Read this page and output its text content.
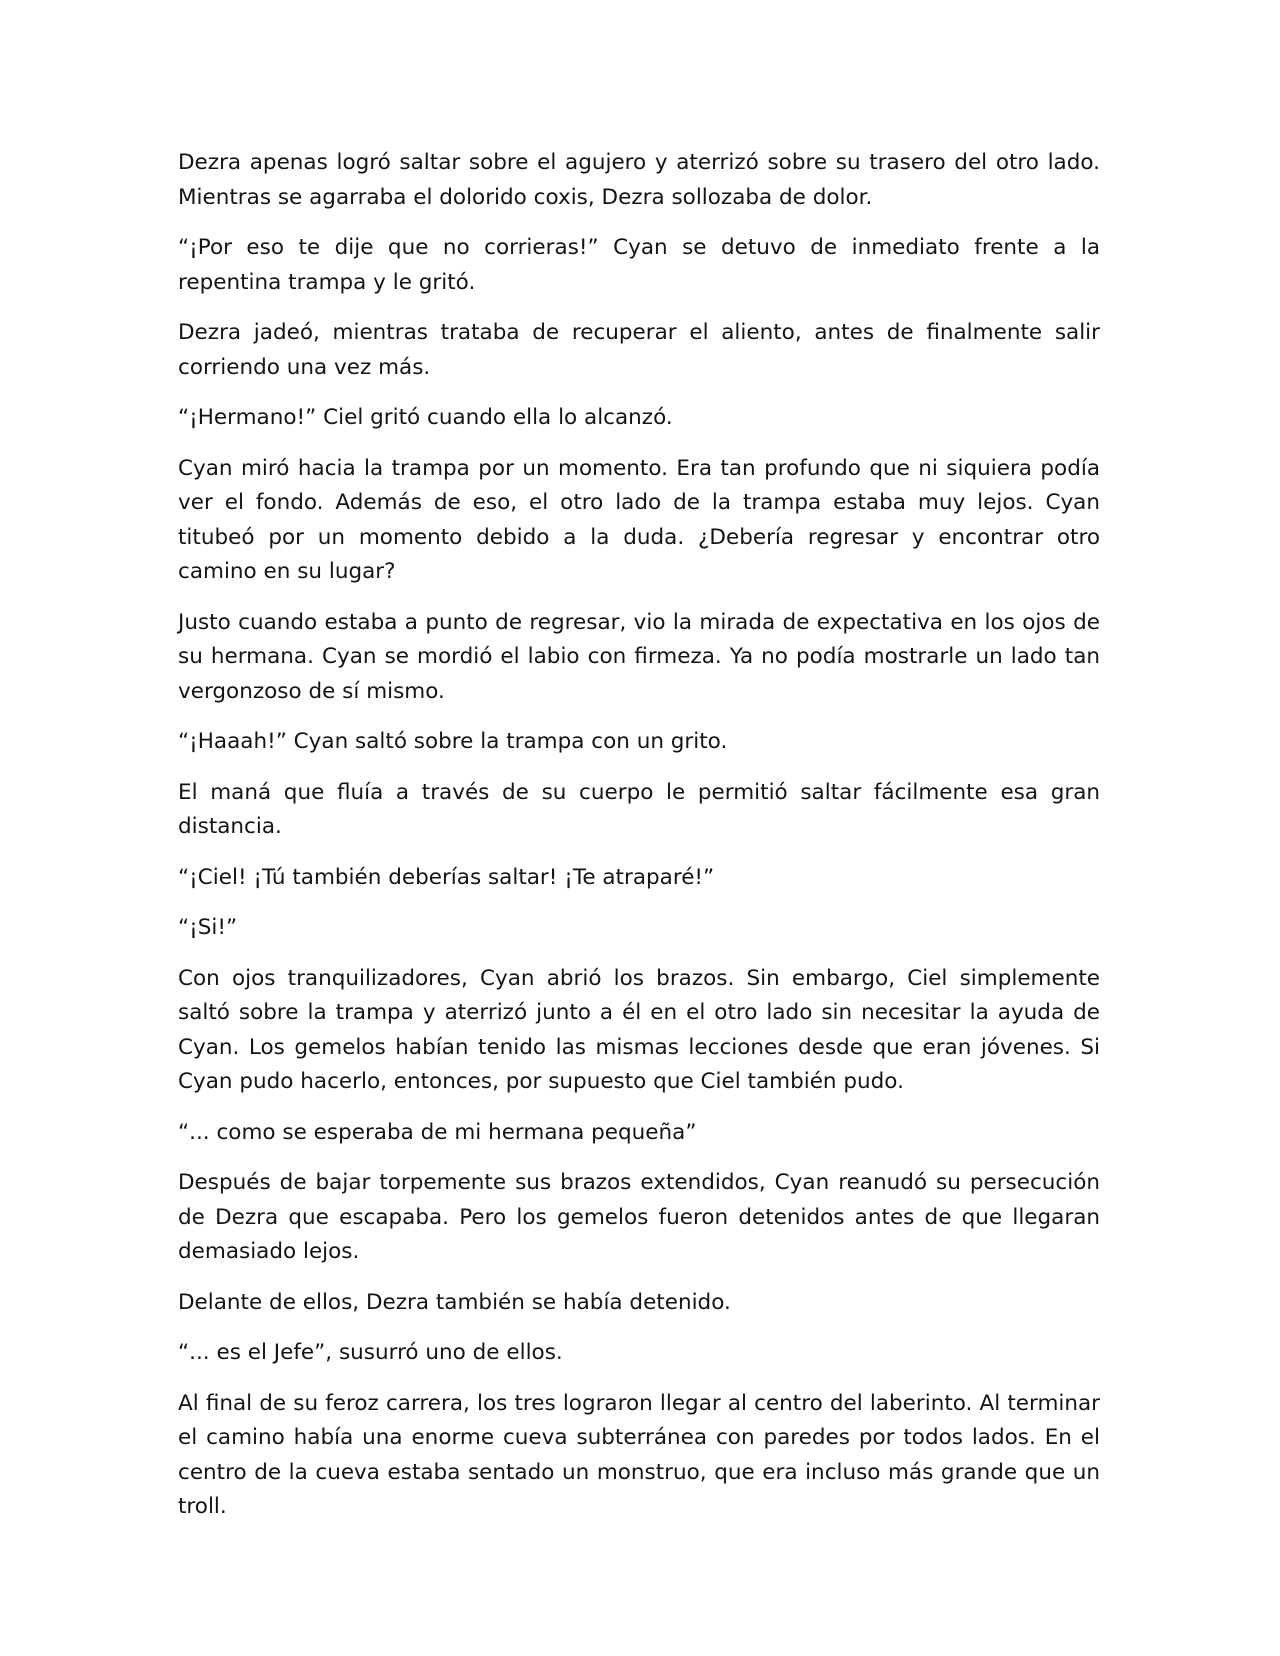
Dezra apenas logró saltar sobre el agujero y aterrizó sobre su trasero del otro lado. Mientras se agarraba el dolorido coxis, Dezra sollozaba de dolor.

“¡Por eso te dije que no corrieras!” Cyan se detuvo de inmediato frente a la repentina trampa y le gritó.

Dezra jadeó, mientras trataba de recuperar el aliento, antes de finalmente salir corriendo una vez más.

“¡Hermano!” Ciel gritó cuando ella lo alcanzó.

Cyan miró hacia la trampa por un momento. Era tan profundo que ni siquiera podía ver el fondo. Además de eso, el otro lado de la trampa estaba muy lejos. Cyan titubeó por un momento debido a la duda. ¿Debería regresar y encontrar otro camino en su lugar?

Justo cuando estaba a punto de regresar, vio la mirada de expectativa en los ojos de su hermana. Cyan se mordió el labio con firmeza. Ya no podía mostrarle un lado tan vergonzoso de sí mismo.

“¡Haaah!” Cyan saltó sobre la trampa con un grito.

El maná que fluía a través de su cuerpo le permitió saltar fácilmente esa gran distancia.

“¡Ciel! ¡Tú también deberías saltar! ¡Te atraparé!”

“¡Si!”

Con ojos tranquilizadores, Cyan abrió los brazos. Sin embargo, Ciel simplemente saltó sobre la trampa y aterrizó junto a él en el otro lado sin necesitar la ayuda de Cyan. Los gemelos habían tenido las mismas lecciones desde que eran jóvenes. Si Cyan pudo hacerlo, entonces, por supuesto que Ciel también pudo.

“... como se esperaba de mi hermana pequeña”

Después de bajar torpemente sus brazos extendidos, Cyan reanudó su persecución de Dezra que escapaba. Pero los gemelos fueron detenidos antes de que llegaran demasiado lejos.

Delante de ellos, Dezra también se había detenido.

“... es el Jefe”, susurró uno de ellos.

Al final de su feroz carrera, los tres lograron llegar al centro del laberinto. Al terminar el camino había una enorme cueva subterránea con paredes por todos lados. En el centro de la cueva estaba sentado un monstruo, que era incluso más grande que un troll.
